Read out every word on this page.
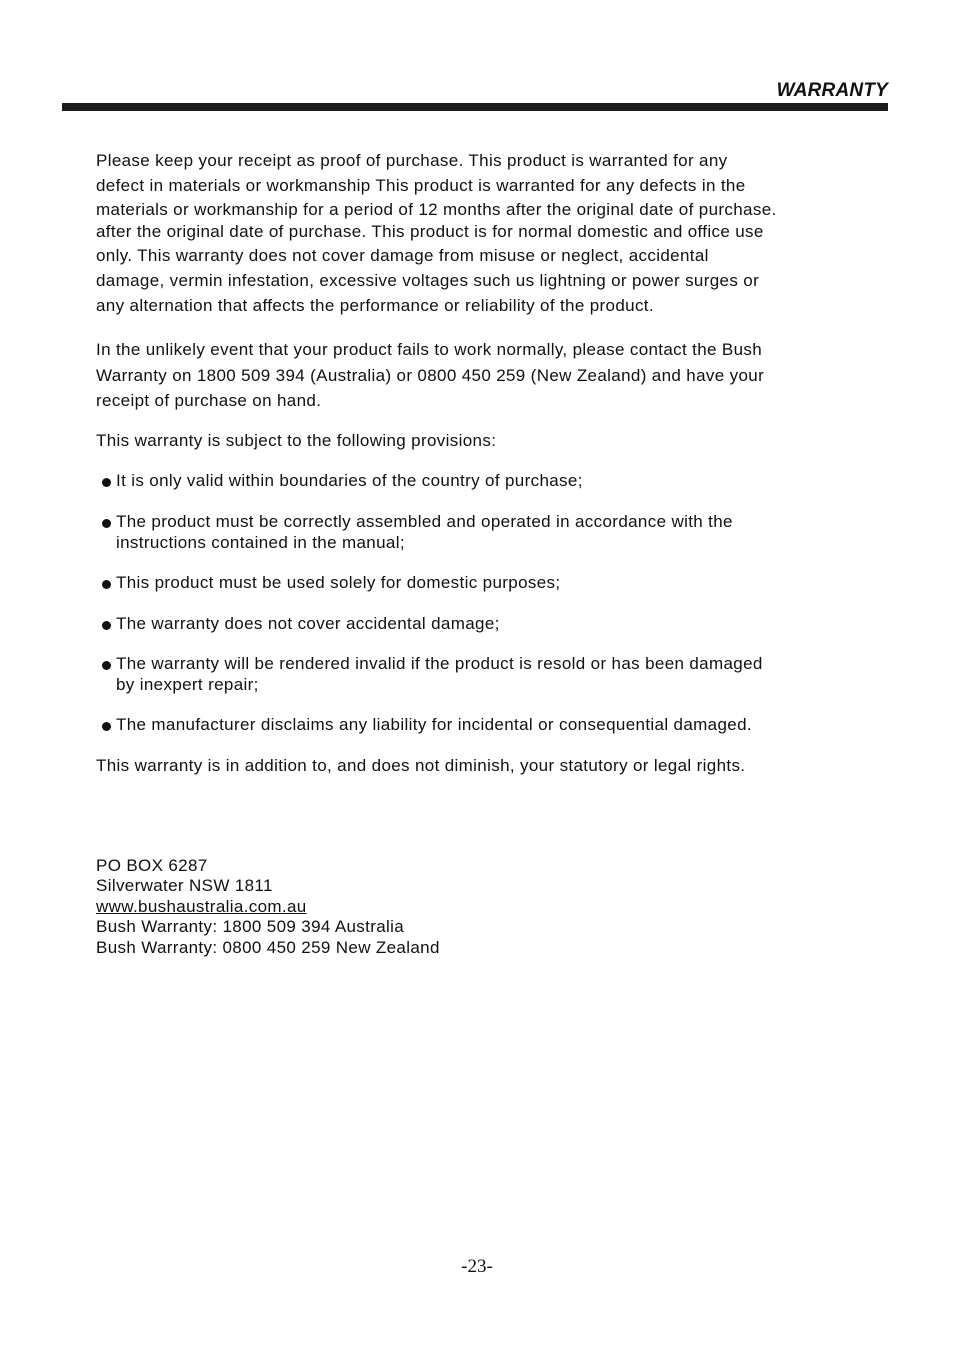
WARRANTY

Please keep your receipt as proof of purchase. This product is warranted for any
defect in materials or workmanship This product is warranted for any defects in the
materials or workmanship for a period of 12 months after the original date of purchase.
after the original date of purchase. This product is for normal domestic and office use
only. This warranty does not cover damage from misuse or neglect, accidental
damage, vermin infestation, excessive voltages such us lightning or power surges or
any alternation that affects the performance or reliability of the product.

In the unlikely event that your product fails to work normally, please contact the Bush
Warranty on 1800 509 394 (Australia) or 0800 450 259 (New Zealand) and have your
receipt of purchase on hand.

This warranty is subject to the following provisions:

It is only valid within boundaries of the country of purchase;
The product must be correctly assembled and operated in accordance with the
instructions contained in the manual;
This product must be used solely for domestic purposes;
The warranty does not cover accidental damage;
The warranty will be rendered invalid if the product is resold or has been damaged
by inexpert repair;
The manufacturer disclaims any liability for incidental or consequential damaged.

This warranty is in addition to, and does not diminish, your statutory or legal rights.

PO BOX 6287
Silverwater NSW 1811
www.bushaustralia.com.au
Bush Warranty: 1800 509 394 Australia
Bush Warranty: 0800 450 259 New Zealand
-23-
